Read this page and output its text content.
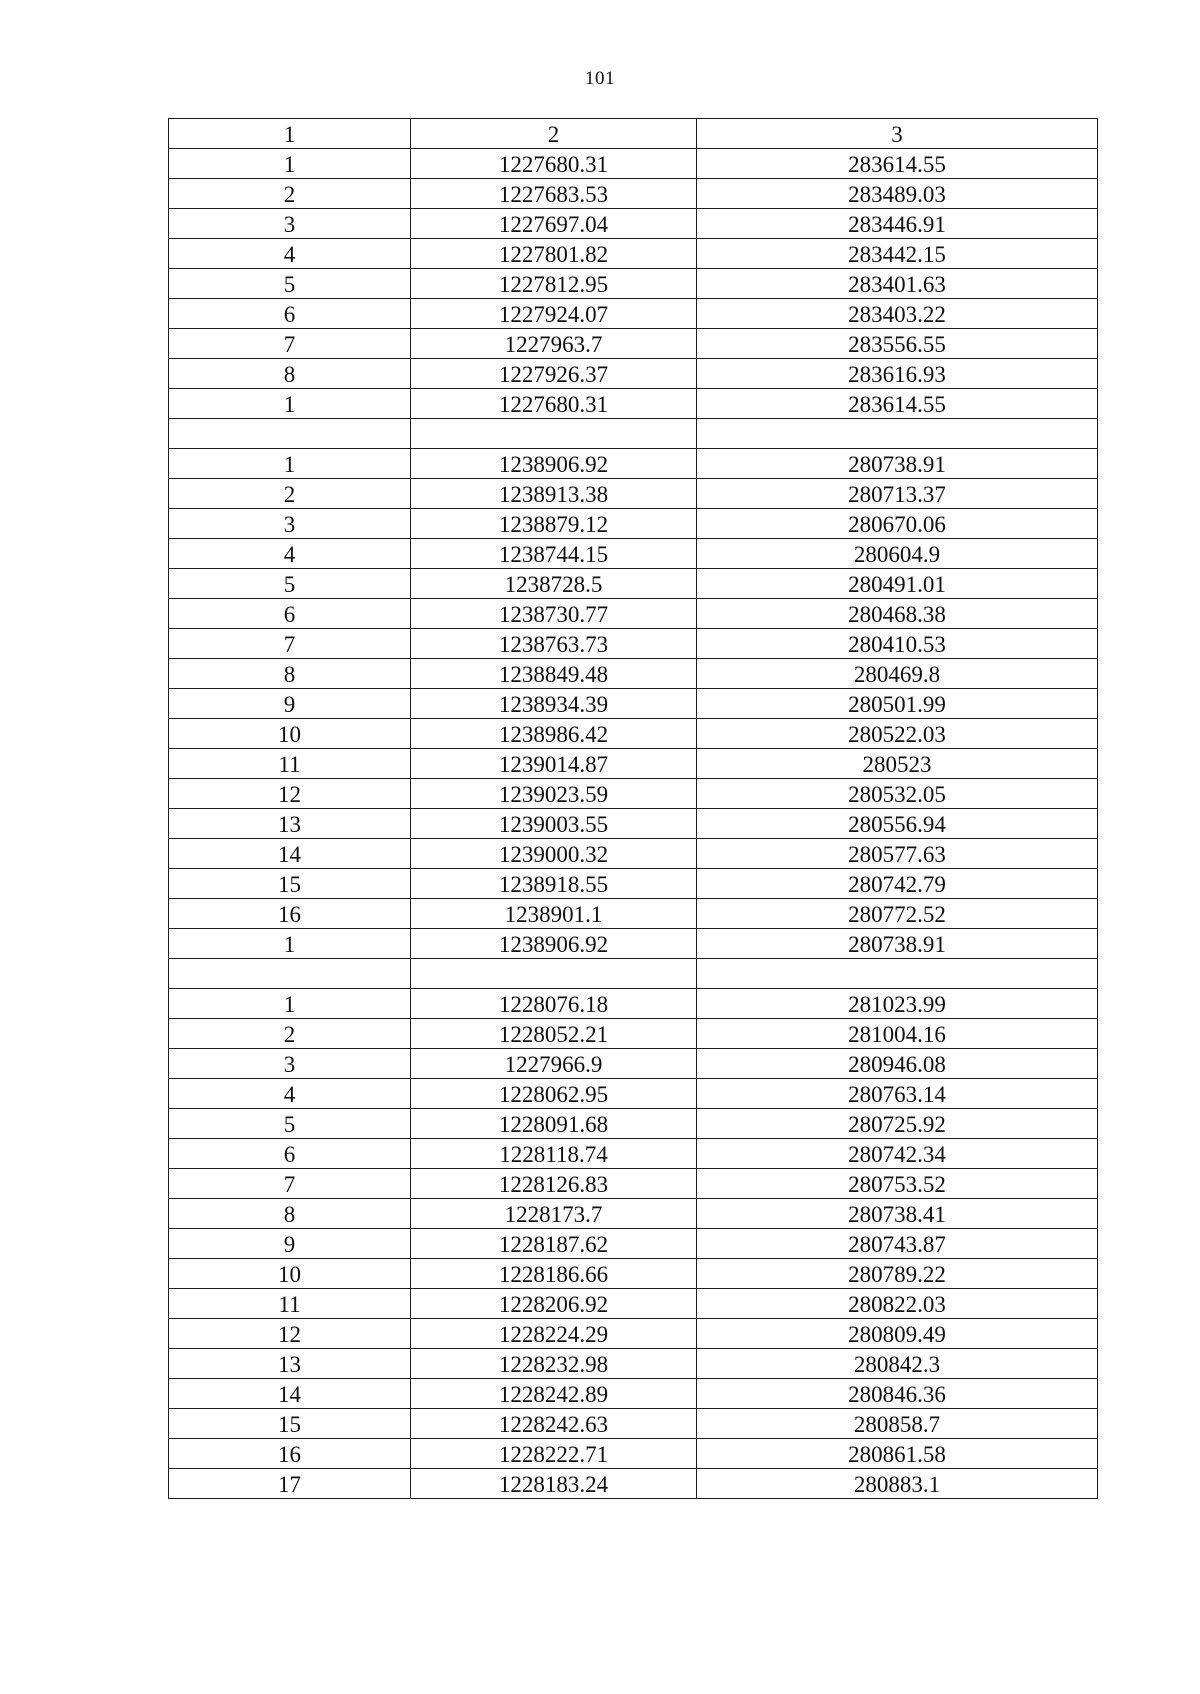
101
1	2	3
1	1227680.31	283614.55
2	1227683.53	283489.03
3	1227697.04	283446.91
4	1227801.82	283442.15
5	1227812.95	283401.63
6	1227924.07	283403.22
7	1227963.7	283556.55
8	1227926.37	283616.93
1	1227680.31	283614.55

1	1238906.92	280738.91
2	1238913.38	280713.37
3	1238879.12	280670.06
4	1238744.15	280604.9
5	1238728.5	280491.01
6	1238730.77	280468.38
7	1238763.73	280410.53
8	1238849.48	280469.8
9	1238934.39	280501.99
10	1238986.42	280522.03
11	1239014.87	280523
12	1239023.59	280532.05
13	1239003.55	280556.94
14	1239000.32	280577.63
15	1238918.55	280742.79
16	1238901.1	280772.52
1	1238906.92	280738.91

1	1228076.18	281023.99
2	1228052.21	281004.16
3	1227966.9	280946.08
4	1228062.95	280763.14
5	1228091.68	280725.92
6	1228118.74	280742.34
7	1228126.83	280753.52
8	1228173.7	280738.41
9	1228187.62	280743.87
10	1228186.66	280789.22
11	1228206.92	280822.03
12	1228224.29	280809.49
13	1228232.98	280842.3
14	1228242.89	280846.36
15	1228242.63	280858.7
16	1228222.71	280861.58
17	1228183.24	280883.1
